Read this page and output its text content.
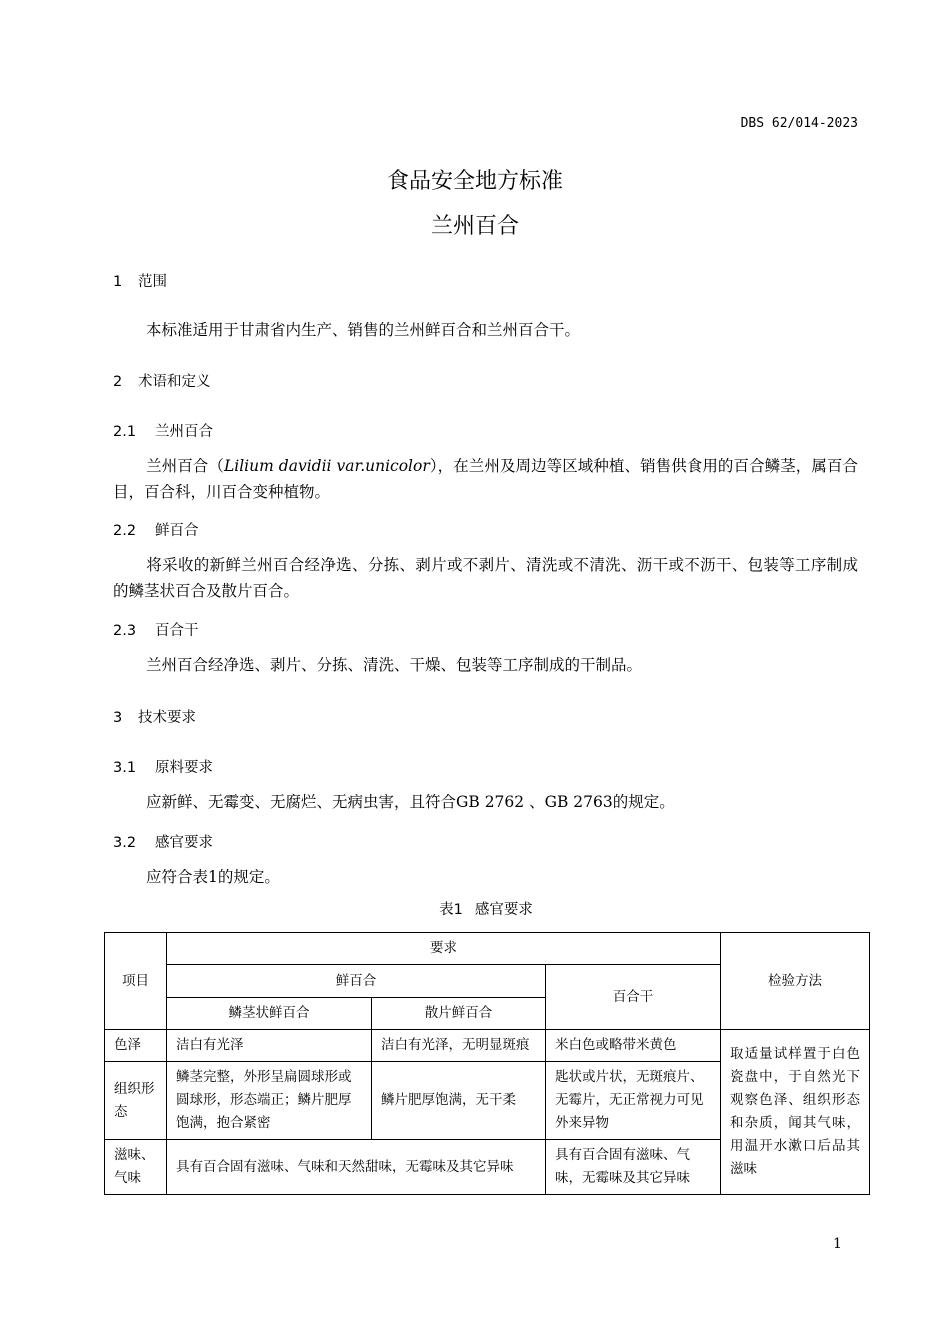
DBS 62/014-2023
食品安全地方标准
兰州百合
1 范围
本标准适用于甘肃省内生产、销售的兰州鲜百合和兰州百合干。
2 术语和定义
2.1 兰州百合
兰州百合（Lilium davidii var.unicolor），在兰州及周边等区域种植、销售供食用的百合鳞茎，属百合目，百合科，川百合变种植物。
2.2 鲜百合
将采收的新鲜兰州百合经净选、分拣、剥片或不剥片、清洗或不清洗、沥干或不沥干、包装等工序制成的鳞茎状百合及散片百合。
2.3 百合干
兰州百合经净选、剥片、分拣、清洗、干燥、包装等工序制成的干制品。
3 技术要求
3.1 原料要求
应新鲜、无霉变、无腐烂、无病虫害，且符合GB 2762 、GB 2763的规定。
3.2 感官要求
应符合表1的规定。
表1 感官要求
项目	要求			检验方法
	鲜百合		百合干	
	鳞茎状鲜百合	散片鲜百合		
色泽	洁白有光泽	洁白有光泽，无明显斑痕	米白色或略带米黄色	取适量试样置于白色瓷盘中，于自然光下观察色泽、组织形态和杂质，闻其气味，用温开水漱口后品其滋味
组织形态	鳞茎完整，外形呈扁圆球形或圆球形，形态端正；鳞片肥厚饱满，抱合紧密	鳞片肥厚饱满，无干柔	匙状或片状，无斑痕片、无霉片，无正常视力可见外来异物	
滋味、气味	具有百合固有滋味、气味和天然甜味，无霉味及其它异味		具有百合固有滋味、气味，无霉味及其它异味	
1
